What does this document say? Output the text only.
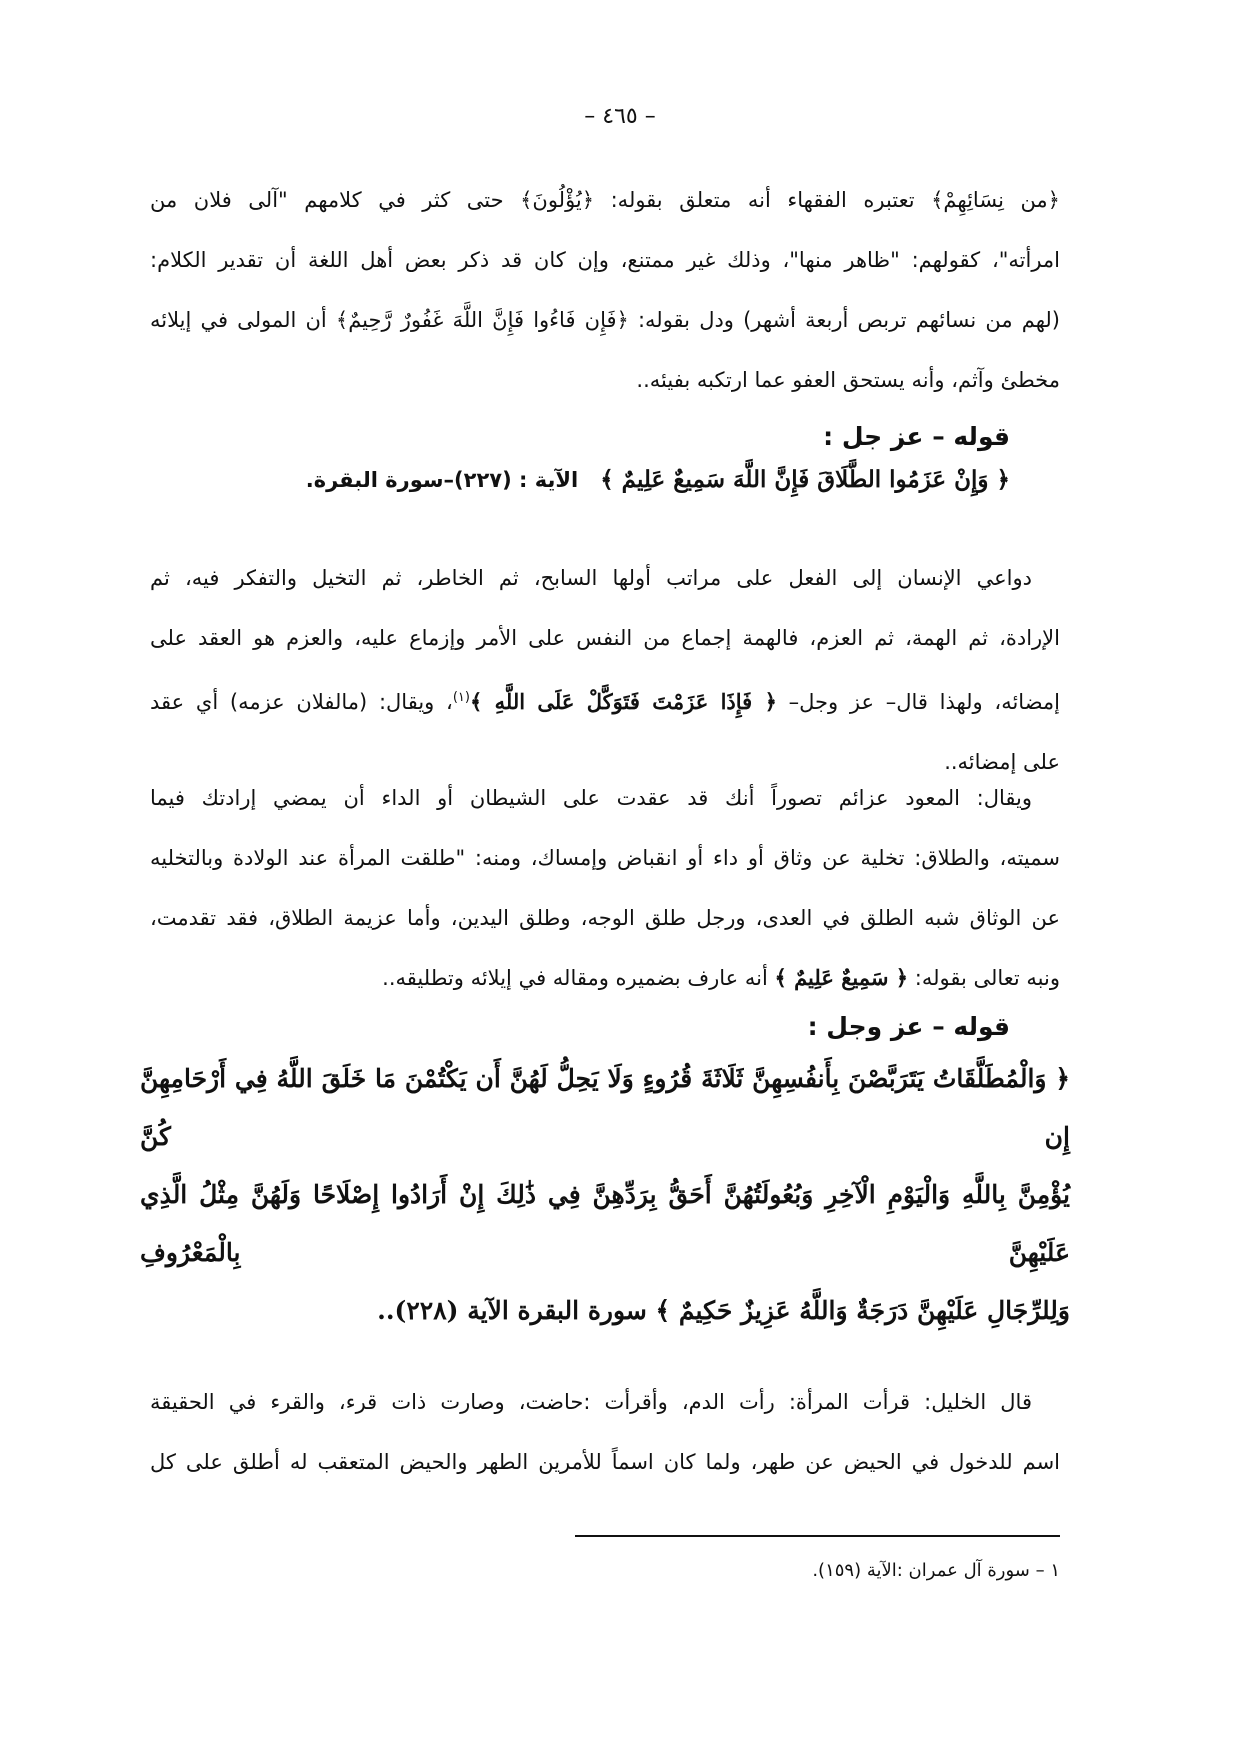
– ٤٦٥ –

﴿من نِسَائِهِمْ﴾ تعتبره الفقهاء أنه متعلق بقوله: ﴿يُؤْلُونَ﴾ حتى كثر في كلامهم "آلى فلان من

امرأته"، كقولهم: "ظاهر منها"، وذلك غير ممتنع، وإن كان قد ذكر بعض أهل اللغة أن تقدير الكلام:

(لهم من نسائهم تربص أربعة أشهر) ودل بقوله: ﴿فَإِن فَاءُوا فَإِنَّ اللَّهَ غَفُورٌ رَّحِيمٌ﴾ أن المولى في إيلائه

مخطئ وآثم، وأنه يستحق العفو عما ارتكبه بفيئه..

قوله – عز جل :
﴿ وَإِنْ عَزَمُوا الطَّلَاقَ فَإِنَّ اللَّهَ سَمِيعٌ عَلِيمٌ ﴾ الآية : (٢٢٧)–سورة البقرة.

دواعي الإنسان إلى الفعل على مراتب أولها السابح، ثم الخاطر، ثم التخيل والتفكر فيه، ثم

الإرادة، ثم الهمة، ثم العزم، فالهمة إجماع من النفس على الأمر وإزماع عليه، والعزم هو العقد على

إمضائه، ولهذا قال– عز وجل– ﴿ فَإِذَا عَزَمْتَ فَتَوَكَّلْ عَلَى اللَّهِ ﴾$^{(١)}$، ويقال: (مالفلان عزمه) أي عقد

على إمضائه..

ويقال: المعود عزائم تصوراً أنك قد عقدت على الشيطان أو الداء أن يمضي إرادتك فيما

سميته، والطلاق: تخلية عن وثاق أو داء أو انقباض وإمساك، ومنه: "طلقت المرأة عند الولادة وبالتخليه

عن الوثاق شبه الطلق في العدى، ورجل طلق الوجه، وطلق اليدين، وأما عزيمة الطلاق، فقد تقدمت،

ونبه تعالى بقوله: ﴿ سَمِيعٌ عَلِيمٌ ﴾ أنه عارف بضميره ومقاله في إيلائه وتطليقه..

قوله – عز وجل :
﴿ وَالْمُطَلَّقَاتُ يَتَرَبَّصْنَ بِأَنفُسِهِنَّ ثَلَاثَةَ قُرُوءٍ وَلَا يَحِلُّ لَهُنَّ أَن يَكْتُمْنَ مَا خَلَقَ اللَّهُ فِي أَرْحَامِهِنَّ إِن كُنَّ
يُؤْمِنَّ بِاللَّهِ وَالْيَوْمِ الْآخِرِ وَبُعُولَتُهُنَّ أَحَقُّ بِرَدِّهِنَّ فِي ذَٰلِكَ إِنْ أَرَادُوا إِصْلَاحًا وَلَهُنَّ مِثْلُ الَّذِي عَلَيْهِنَّ بِالْمَعْرُوفِ
وَلِلرِّجَالِ عَلَيْهِنَّ دَرَجَةٌ وَاللَّهُ عَزِيزٌ حَكِيمٌ ﴾ سورة البقرة الآية (٢٢٨)..

قال الخليل: قرأت المرأة: رأت الدم، وأقرأت :حاضت، وصارت ذات قرء، والقرء في الحقيقة

اسم للدخول في الحيض عن طهر، ولما كان اسماً للأمرين الطهر والحيض المتعقب له أطلق على كل

١ – سورة آل عمران :الآية (١٥٩).
